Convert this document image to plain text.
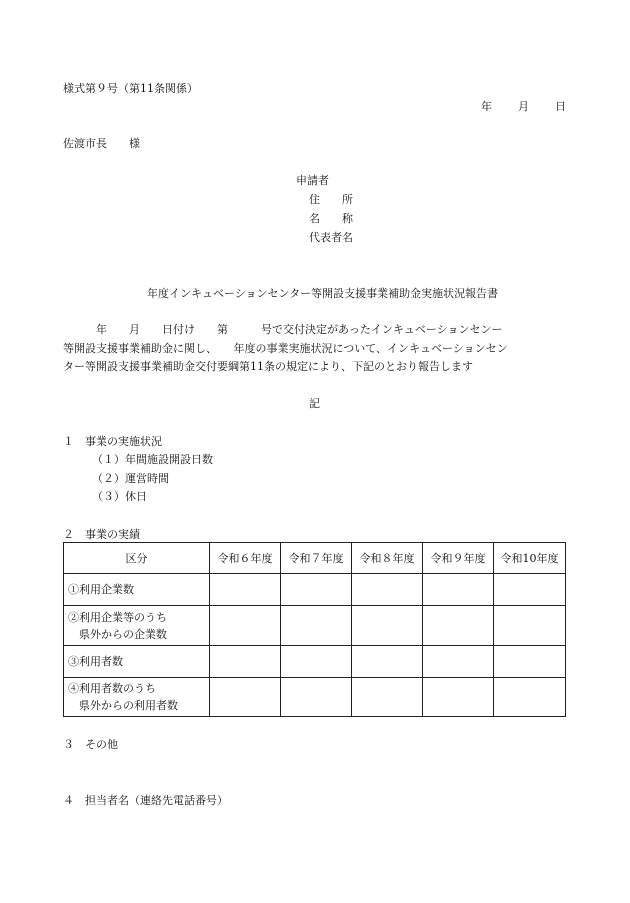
様式第９号（第11条関係）
年 月 日
佐渡市長　　様
申請者
住　　所
名　　称
代表者名
年度インキュベーションセンター等開設支援事業補助金実施状況報告書
　　　年　　月　　日付け　　第　　　号で交付決定があったインキュベーションセンー
等開設支援事業補助金に関し、　　年度の事業実施状況について、インキュベーションセン
ター等開設支援事業補助金交付要綱第11条の規定により、下記のとおり報告します
記
１　事業の実施状況
（１）年間施設開設日数
（２）運営時間
（３）休日
２　事業の実績
区分	令和６年度	令和７年度	令和８年度	令和９年度	令和10年度

①利用企業数					

②利用企業等のうち
　県外からの企業数					

③利用者数					

④利用者数のうち
　県外からの利用者数					

３　その他
４　担当者名（連絡先電話番号）
